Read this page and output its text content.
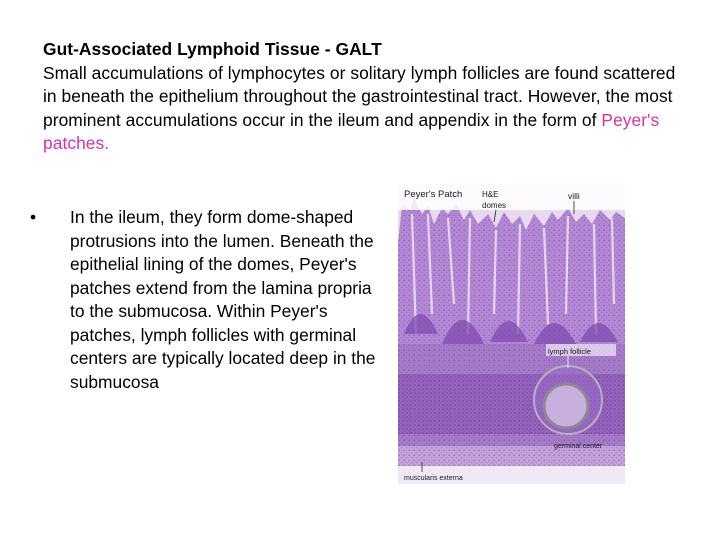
Gut-Associated Lymphoid Tissue - GALT
Small accumulations of lymphocytes or solitary lymph follicles are found scattered in beneath the epithelium throughout the gastrointestinal tract. However, the most prominent accumulations occur in the ileum and appendix in the form of Peyer's patches.
• In the ileum, they form dome-shaped protrusions into the lumen. Beneath the epithelial lining of the domes, Peyer's patches extend from the lamina propria to the submucosa. Within Peyer's patches, lymph follicles with germinal centers are typically located deep in the submucosa
Peyer's Patch H&E
domes
villi
lymph follicle
germinal center
muscularis externa
